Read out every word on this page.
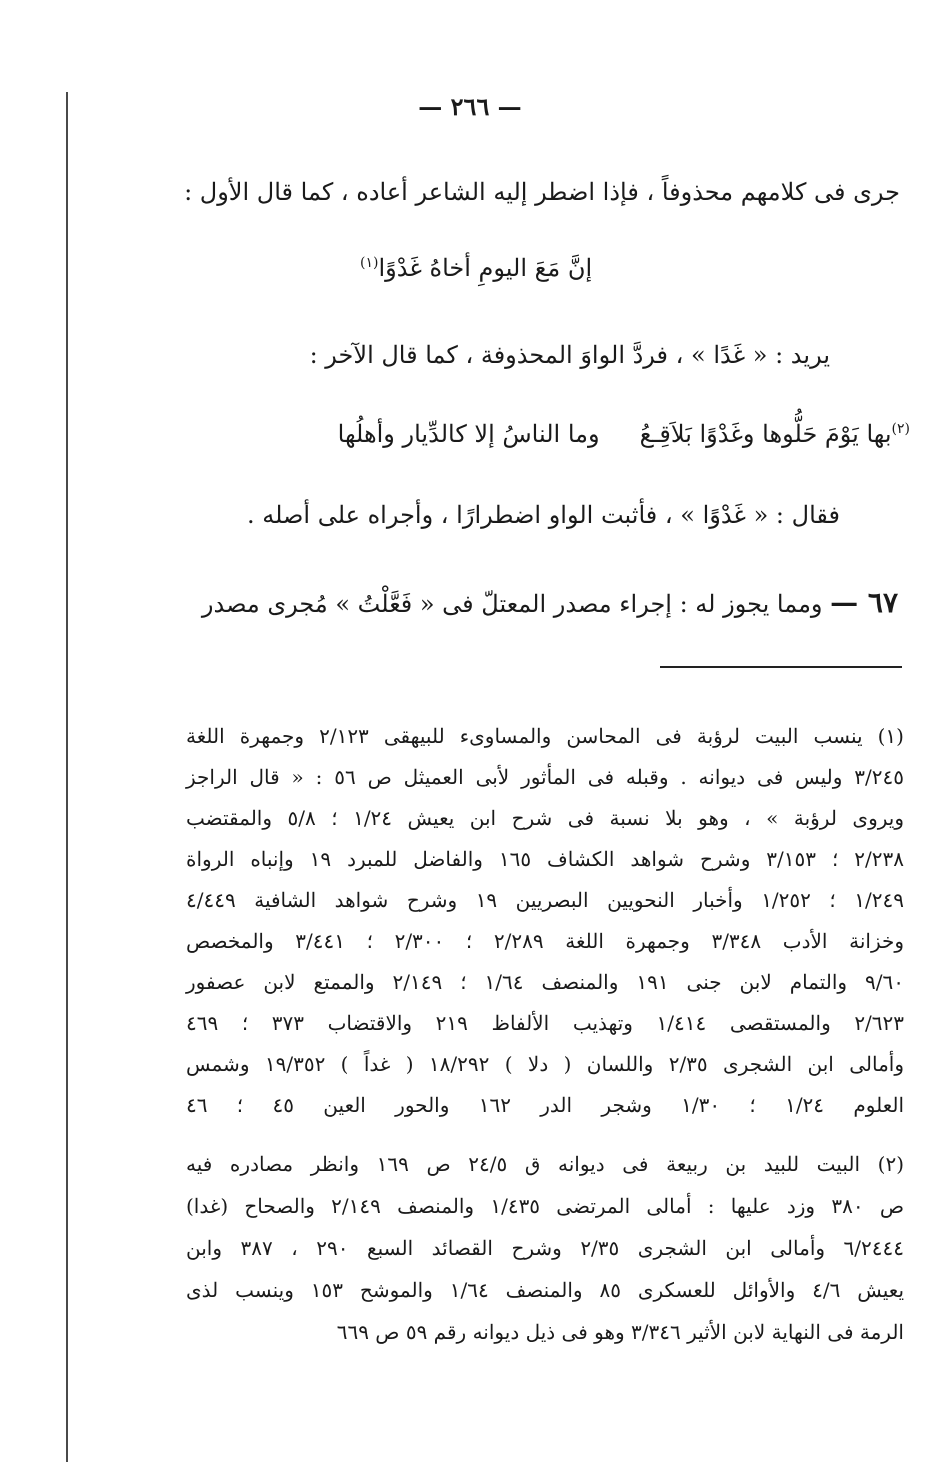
— ٢٦٦ —
جرى فى كلامهم محذوفاً ، فإذا اضطر إليه الشاعر أعاده ، كما قال الأول :
إنَّ مَعَ اليومِ أخاهُ غَدْوًا$^{(١)}$
يريد : « غَدًا » ، فردَّ الواوَ المحذوفة ، كما قال الآخر :
وما الناسُ إلا كالدِّيار وأهلُها بها يَوْمَ حَلُّوها وغَدْوًا بَلاَقِـعُ$^{(٢)}$
فقال : « غَدْوًا » ، فأثبت الواو اضطرارًا ، وأجراه على أصله .
٦٧ — ومما يجوز له : إجراء مصدر المعتلّ فى « فَعَّلْتُ » مُجرى مصدر
(١) ينسب البيت لرؤبة فى المحاسن والمساوىء للبيهقى ٢/١٢٣ وجمهرة اللغة
٣/٢٤٥ وليس فى ديوانه . وقبله فى المأثور لأبى العميثل ص ٥٦ : « قال الراجز
ويروى لرؤبة » ، وهو بلا نسبة فى شرح ابن يعيش ١/٢٤ ؛ ٥/٨ والمقتضب
٢/٢٣٨ ؛ ٣/١٥٣ وشرح شواهد الكشاف ١٦٥ والفاضل للمبرد ١٩ وإنباه الرواة
١/٢٤٩ ؛ ١/٢٥٢ وأخبار النحويين البصريين ١٩ وشرح شواهد الشافية ٤/٤٤٩
وخزانة الأدب ٣/٣٤٨ وجمهرة اللغة ٢/٢٨٩ ؛ ٢/٣٠٠ ؛ ٣/٤٤١ والمخصص
٩/٦٠ والتمام لابن جنى ١٩١ والمنصف ١/٦٤ ؛ ٢/١٤٩ والممتع لابن عصفور
٢/٦٢٣ والمستقصى ١/٤١٤ وتهذيب الألفاظ ٢١٩ والاقتضاب ٣٧٣ ؛ ٤٦٩
وأمالى ابن الشجرى ٢/٣٥ واللسان ( دلا ) ١٨/٢٩٢ ( غداً ) ١٩/٣٥٢ وشمس
العلوم ١/٢٤ ؛ ١/٣٠ وشجر الدر ١٦٢ والحور العين ٤٥ ؛ ٤٦
(٢) البيت للبيد بن ربيعة فى ديوانه ق ٢٤/٥ ص ١٦٩ وانظر مصادره فيه
ص ٣٨٠ وزد عليها : أمالى المرتضى ١/٤٣٥ والمنصف ٢/١٤٩ والصحاح (غدا)
٦/٢٤٤٤ وأمالى ابن الشجرى ٢/٣٥ وشرح القصائد السبع ٢٩٠ ، ٣٨٧ وابن
يعيش ٤/٦ والأوائل للعسكرى ٨٥ والمنصف ١/٦٤ والموشح ١٥٣ وينسب لذى
الرمة فى النهاية لابن الأثير ٣/٣٤٦ وهو فى ذيل ديوانه رقم ٥٩ ص ٦٦٩
